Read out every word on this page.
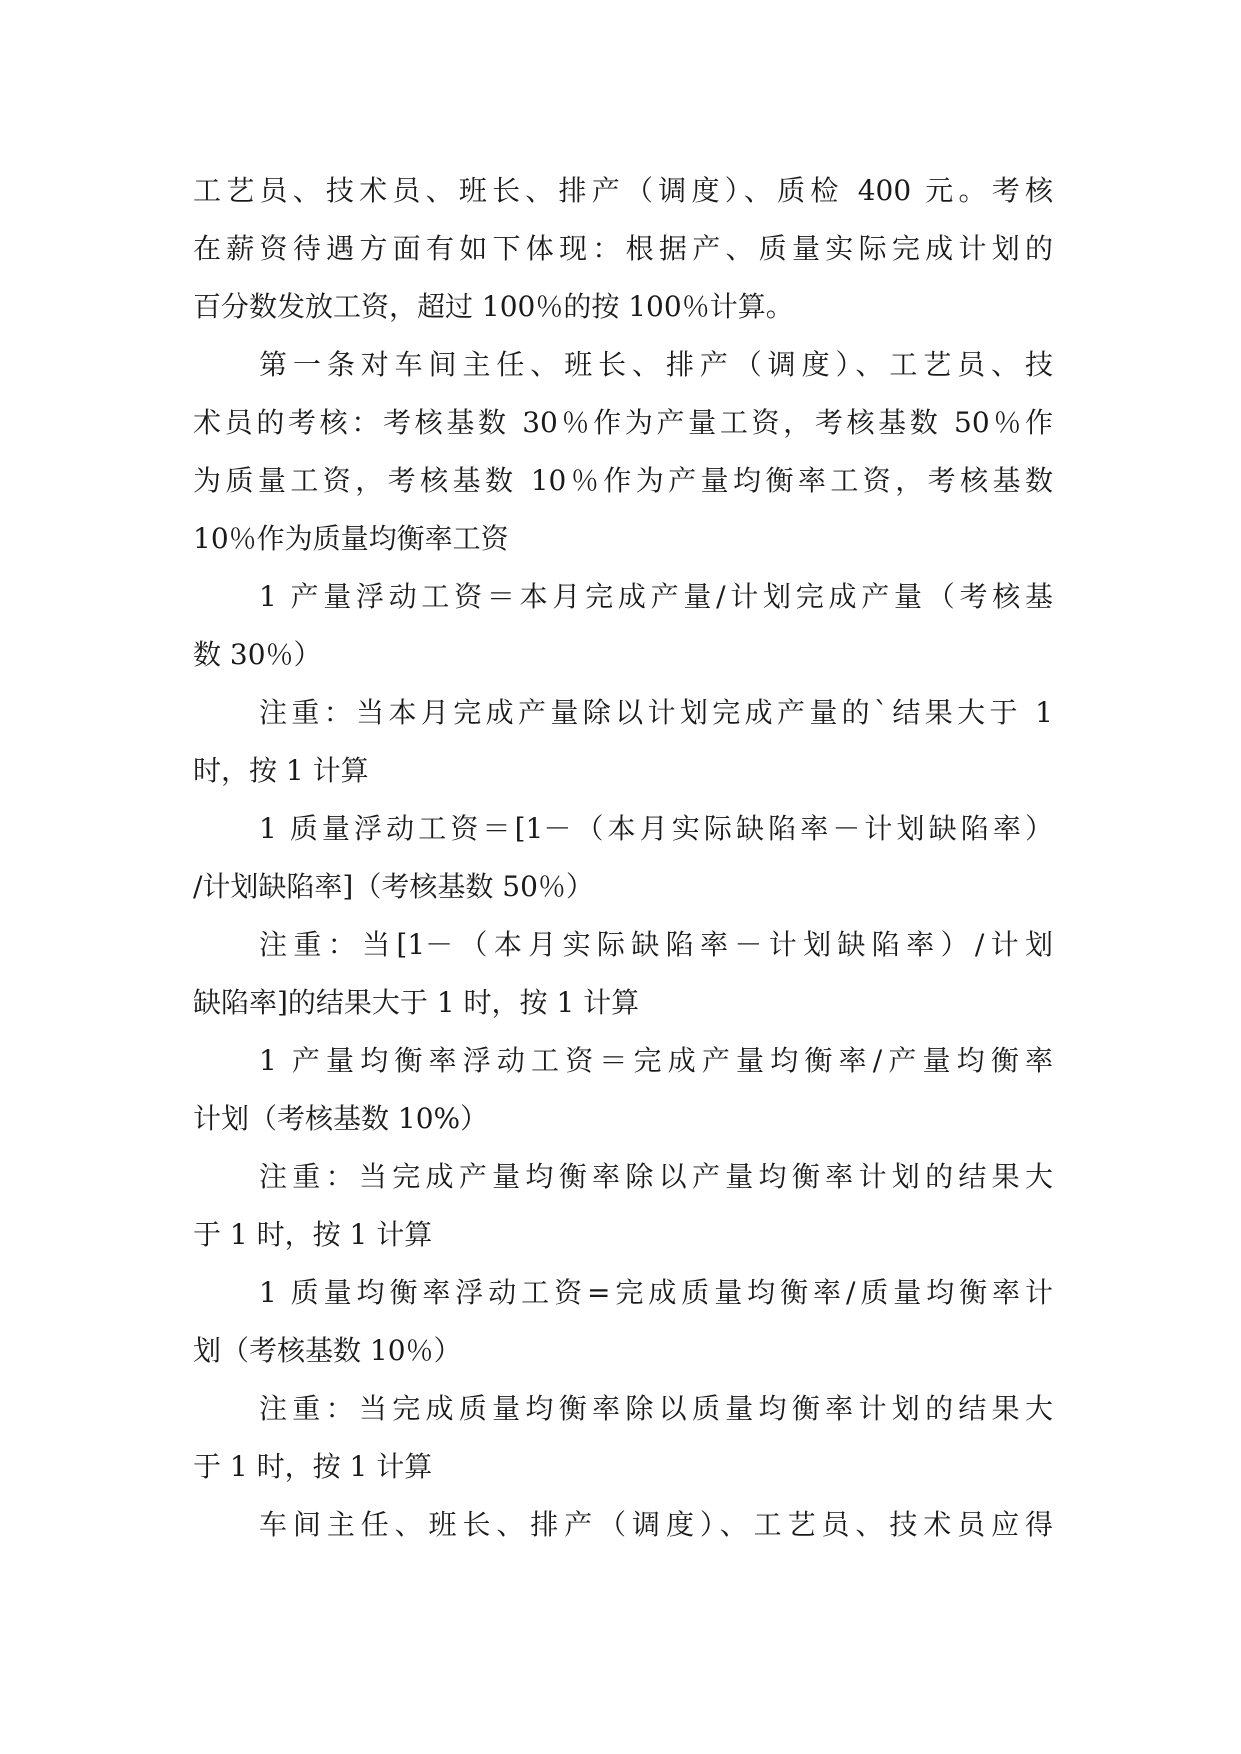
工艺员、技术员、班长、排产（调度）、质检 400 元。考核
在薪资待遇方面有如下体现：根据产、质量实际完成计划的
百分数发放工资，超过 100％的按 100％计算。
第一条对车间主任、班长、排产（调度）、工艺员、技
术员的考核：考核基数 30％作为产量工资，考核基数 50％作
为质量工资，考核基数 10％作为产量均衡率工资，考核基数
10％作为质量均衡率工资
1 产量浮动工资＝本月完成产量/计划完成产量（考核基
数 30％）
注重：当本月完成产量除以计划完成产量的`结果大于 1
时，按 1 计算
1 质量浮动工资＝[1－（本月实际缺陷率－计划缺陷率）
/计划缺陷率]（考核基数 50％）
注重：当[1－（本月实际缺陷率－计划缺陷率）/计划
缺陷率]的结果大于 1 时，按 1 计算
1 产量均衡率浮动工资＝完成产量均衡率/产量均衡率
计划（考核基数 10%）
注重：当完成产量均衡率除以产量均衡率计划的结果大
于 1 时，按 1 计算
1 质量均衡率浮动工资=完成质量均衡率/质量均衡率计
划（考核基数 10％）
注重：当完成质量均衡率除以质量均衡率计划的结果大
于 1 时，按 1 计算
车间主任、班长、排产（调度）、工艺员、技术员应得
